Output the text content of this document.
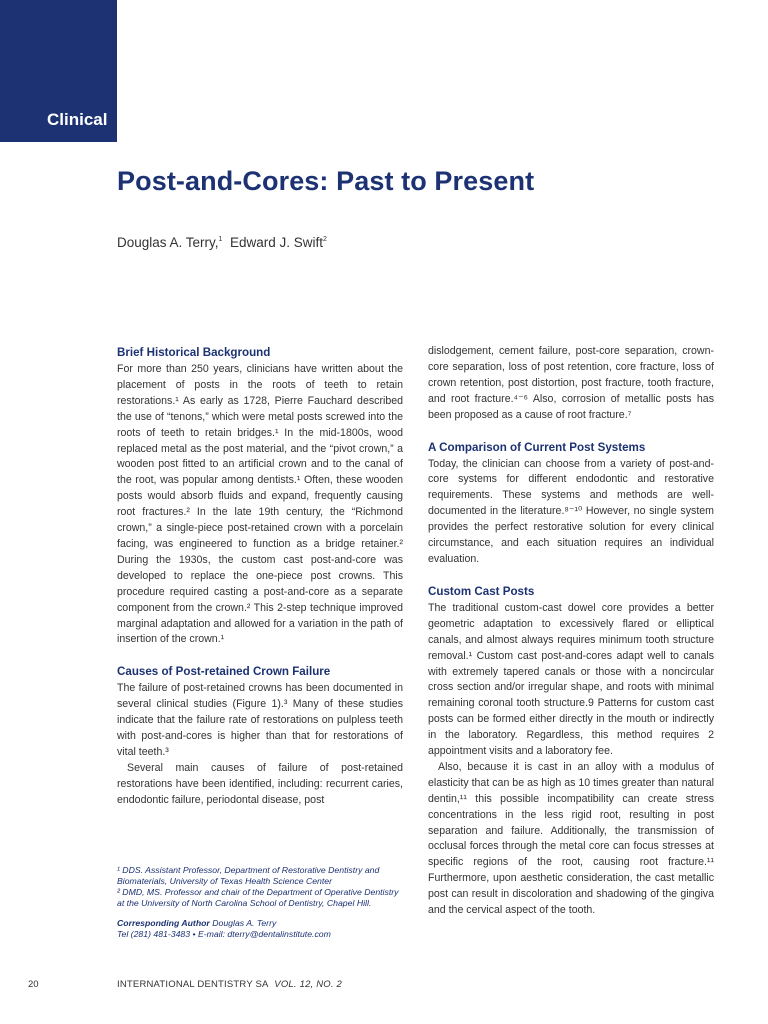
Clinical
Post-and-Cores: Past to Present
Douglas A. Terry,$^1$ Edward J. Swift$^2$
Brief Historical Background

For more than 250 years, clinicians have written about the placement of posts in the roots of teeth to retain restorations.¹ As early as 1728, Pierre Fauchard described the use of “tenons,” which were metal posts screwed into the roots of teeth to retain bridges.¹ In the mid-1800s, wood replaced metal as the post material, and the “pivot crown,” a wooden post fitted to an artificial crown and to the canal of the root, was popular among dentists.¹ Often, these wooden posts would absorb fluids and expand, frequently causing root fractures.² In the late 19th century, the “Richmond crown,” a single-piece post-retained crown with a porcelain facing, was engineered to function as a bridge retainer.² During the 1930s, the custom cast post-and-core was developed to replace the one-piece post crowns. This procedure required casting a post-and-core as a separate component from the crown.² This 2-step technique improved marginal adaptation and allowed for a variation in the path of insertion of the crown.¹

Causes of Post-retained Crown Failure

The failure of post-retained crowns has been documented in several clinical studies (Figure 1).³ Many of these studies indicate that the failure rate of restorations on pulpless teeth with post-and-cores is higher than that for restorations of vital teeth.³

Several main causes of failure of post-retained restorations have been identified, including: recurrent caries, endodontic failure, periodontal disease, post

dislodgement, cement failure, post-core separation, crown-core separation, loss of post retention, core fracture, loss of crown retention, post distortion, post fracture, tooth fracture, and root fracture.⁴⁻⁶ Also, corrosion of metallic posts has been proposed as a cause of root fracture.⁷

A Comparison of Current Post Systems

Today, the clinician can choose from a variety of post-and-core systems for different endodontic and restorative requirements. These systems and methods are well-documented in the literature.⁸⁻¹⁰ However, no single system provides the perfect restorative solution for every clinical circumstance, and each situation requires an individual evaluation.

Custom Cast Posts

The traditional custom-cast dowel core provides a better geometric adaptation to excessively flared or elliptical canals, and almost always requires minimum tooth structure removal.¹ Custom cast post-and-cores adapt well to canals with extremely tapered canals or those with a noncircular cross section and/or irregular shape, and roots with minimal remaining coronal tooth structure.9 Patterns for custom cast posts can be formed either directly in the mouth or indirectly in the laboratory. Regardless, this method requires 2 appointment visits and a laboratory fee.

Also, because it is cast in an alloy with a modulus of elasticity that can be as high as 10 times greater than natural dentin,¹¹ this possible incompatibility can create stress concentrations in the less rigid root, resulting in post separation and failure. Additionally, the transmission of occlusal forces through the metal core can focus stresses at specific regions of the root, causing root fracture.¹¹ Furthermore, upon aesthetic consideration, the cast metallic post can result in discoloration and shadowing of the gingiva and the cervical aspect of the tooth.

¹ DDS. Assistant Professor, Department of Restorative Dentistry and Biomaterials, University of Texas Health Science Center

² DMD, MS. Professor and chair of the Department of Operative Dentistry at the University of North Carolina School of Dentistry, Chapel Hill.

Corresponding Author Douglas A. Terry

Tel (281) 481-3483 • E-mail: dterry@dentalinstitute.com

20	INTERNATIONAL DENTISTRY SA VOL. 12, NO. 2
